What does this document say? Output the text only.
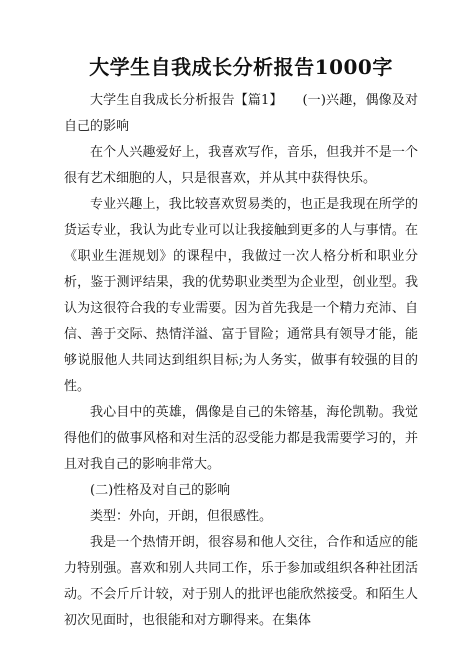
大学生自我成长分析报告1000字

大学生自我成长分析报告【篇1】　　(一)兴趣，偶像及对自己的影响

在个人兴趣爱好上，我喜欢写作，音乐，但我并不是一个很有艺术细胞的人，只是很喜欢，并从其中获得快乐。

专业兴趣上，我比较喜欢贸易类的，也正是我现在所学的货运专业，我认为此专业可以让我接触到更多的人与事情。在《职业生涯规划》的课程中，我做过一次人格分析和职业分析，鉴于测评结果，我的优势职业类型为企业型，创业型。我认为这很符合我的专业需要。因为首先我是一个精力充沛、自信、善于交际、热情洋溢、富于冒险；通常具有领导才能，能够说服他人共同达到组织目标;为人务实，做事有较强的目的性。

我心目中的英雄，偶像是自己的朱镕基，海伦凯勒。我觉得他们的做事风格和对生活的忍受能力都是我需要学习的，并且对我自己的影响非常大。

(二)性格及对自己的影响

类型：外向，开朗，但很感性。

我是一个热情开朗，很容易和他人交往，合作和适应的能力特别强。喜欢和别人共同工作，乐于参加或组织各种社团活动。不会斤斤计较，对于别人的批评也能欣然接受。和陌生人初次见面时，也很能和对方聊得来。在集体
